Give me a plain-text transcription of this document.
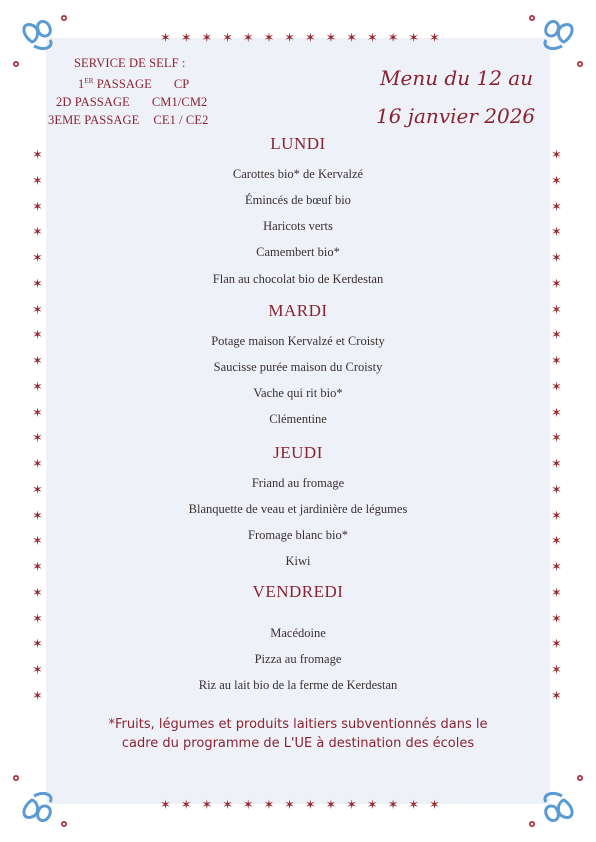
✶ ✶ ✶ ✶ ✶ ✶ ✶ ✶ ✶ ✶ ✶ ✶ ✶ ✶
✶ ✶ ✶ ✶ ✶ ✶ ✶ ✶ ✶ ✶ ✶ ✶ ✶ ✶
✶
✶
✶
✶
✶
✶
✶
✶
✶
✶
✶
✶
✶
✶
✶
✶
✶
✶
✶
✶
✶
✶
✶
✶
✶
✶
✶
✶
✶
✶
✶
✶
✶
✶
✶
✶
✶
✶
✶
✶
✶
✶
✶
✶
SERVICE DE SELF :
1ER PASSAGE CP
2D PASSAGE CM1/CM2
3EME PASSAGE CE1 / CE2
Menu du 12 au
16 janvier 2026
LUNDI
Carottes bio* de Kervalzé
Émincés de bœuf bio
Haricots verts
Camembert bio*
Flan au chocolat bio de Kerdestan
MARDI
Potage maison Kervalzé et Croisty
Saucisse purée maison du Croisty
Vache qui rit bio*
Clémentine
JEUDI
Friand au fromage
Blanquette de veau et jardinière de légumes
Fromage blanc bio*
Kiwi
VENDREDI
Macédoine
Pizza au fromage
Riz au lait bio de la ferme de Kerdestan
*Fruits, légumes et produits laitiers subventionnés dans le
cadre du programme de L'UE à destination des écoles
